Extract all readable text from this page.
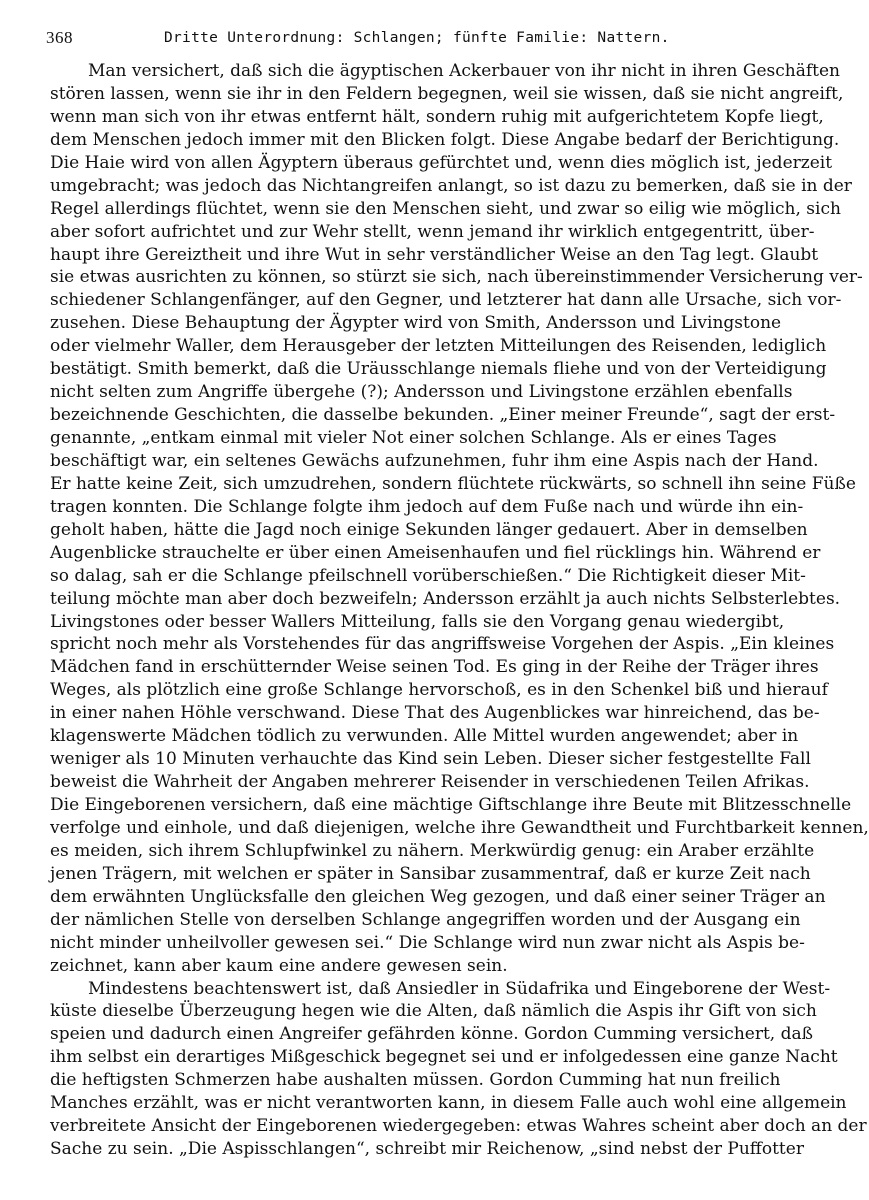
368	Dritte Unterordnung: Schlangen; fünfte Familie: Nattern.
Man versichert, daß sich die ägyptischen Ackerbauer von ihr nicht in ihren Geschäften
stören lassen, wenn sie ihr in den Feldern begegnen, weil sie wissen, daß sie nicht angreift,
wenn man sich von ihr etwas entfernt hält, sondern ruhig mit aufgerichtetem Kopfe liegt,
dem Menschen jedoch immer mit den Blicken folgt. Diese Angabe bedarf der Berichtigung.
Die Haie wird von allen Ägyptern überaus gefürchtet und, wenn dies möglich ist, jederzeit
umgebracht; was jedoch das Nichtangreifen anlangt, so ist dazu zu bemerken, daß sie in der
Regel allerdings flüchtet, wenn sie den Menschen sieht, und zwar so eilig wie möglich, sich
aber sofort aufrichtet und zur Wehr stellt, wenn jemand ihr wirklich entgegentritt, über-
haupt ihre Gereiztheit und ihre Wut in sehr verständlicher Weise an den Tag legt. Glaubt
sie etwas ausrichten zu können, so stürzt sie sich, nach übereinstimmender Versicherung ver-
schiedener Schlangenfänger, auf den Gegner, und letzterer hat dann alle Ursache, sich vor-
zusehen. Diese Behauptung der Ägypter wird von Smith, Andersson und Livingstone
oder vielmehr Waller, dem Herausgeber der letzten Mitteilungen des Reisenden, lediglich
bestätigt. Smith bemerkt, daß die Uräusschlange niemals fliehe und von der Verteidigung
nicht selten zum Angriffe übergehe (?); Andersson und Livingstone erzählen ebenfalls
bezeichnende Geschichten, die dasselbe bekunden. „Einer meiner Freunde“, sagt der erst-
genannte, „entkam einmal mit vieler Not einer solchen Schlange. Als er eines Tages
beschäftigt war, ein seltenes Gewächs aufzunehmen, fuhr ihm eine Aspis nach der Hand.
Er hatte keine Zeit, sich umzudrehen, sondern flüchtete rückwärts, so schnell ihn seine Füße
tragen konnten. Die Schlange folgte ihm jedoch auf dem Fuße nach und würde ihn ein-
geholt haben, hätte die Jagd noch einige Sekunden länger gedauert. Aber in demselben
Augenblicke strauchelte er über einen Ameisenhaufen und fiel rücklings hin. Während er
so dalag, sah er die Schlange pfeilschnell vorüberschießen.“ Die Richtigkeit dieser Mit-
teilung möchte man aber doch bezweifeln; Andersson erzählt ja auch nichts Selbsterlebtes.
Livingstones oder besser Wallers Mitteilung, falls sie den Vorgang genau wiedergibt,
spricht noch mehr als Vorstehendes für das angriffsweise Vorgehen der Aspis. „Ein kleines
Mädchen fand in erschütternder Weise seinen Tod. Es ging in der Reihe der Träger ihres
Weges, als plötzlich eine große Schlange hervorschoß, es in den Schenkel biß und hierauf
in einer nahen Höhle verschwand. Diese That des Augenblickes war hinreichend, das be-
klagenswerte Mädchen tödlich zu verwunden. Alle Mittel wurden angewendet; aber in
weniger als 10 Minuten verhauchte das Kind sein Leben. Dieser sicher festgestellte Fall
beweist die Wahrheit der Angaben mehrerer Reisender in verschiedenen Teilen Afrikas.
Die Eingeborenen versichern, daß eine mächtige Giftschlange ihre Beute mit Blitzesschnelle
verfolge und einhole, und daß diejenigen, welche ihre Gewandtheit und Furchtbarkeit kennen,
es meiden, sich ihrem Schlupfwinkel zu nähern. Merkwürdig genug: ein Araber erzählte
jenen Trägern, mit welchen er später in Sansibar zusammentraf, daß er kurze Zeit nach
dem erwähnten Unglücksfalle den gleichen Weg gezogen, und daß einer seiner Träger an
der nämlichen Stelle von derselben Schlange angegriffen worden und der Ausgang ein
nicht minder unheilvoller gewesen sei.“ Die Schlange wird nun zwar nicht als Aspis be-
zeichnet, kann aber kaum eine andere gewesen sein.
Mindestens beachtenswert ist, daß Ansiedler in Südafrika und Eingeborene der West-
küste dieselbe Überzeugung hegen wie die Alten, daß nämlich die Aspis ihr Gift von sich
speien und dadurch einen Angreifer gefährden könne. Gordon Cumming versichert, daß
ihm selbst ein derartiges Mißgeschick begegnet sei und er infolgedessen eine ganze Nacht
die heftigsten Schmerzen habe aushalten müssen. Gordon Cumming hat nun freilich
Manches erzählt, was er nicht verantworten kann, in diesem Falle auch wohl eine allgemein
verbreitete Ansicht der Eingeborenen wiedergegeben: etwas Wahres scheint aber doch an der
Sache zu sein. „Die Aspisschlangen“, schreibt mir Reichenow, „sind nebst der Puffotter
